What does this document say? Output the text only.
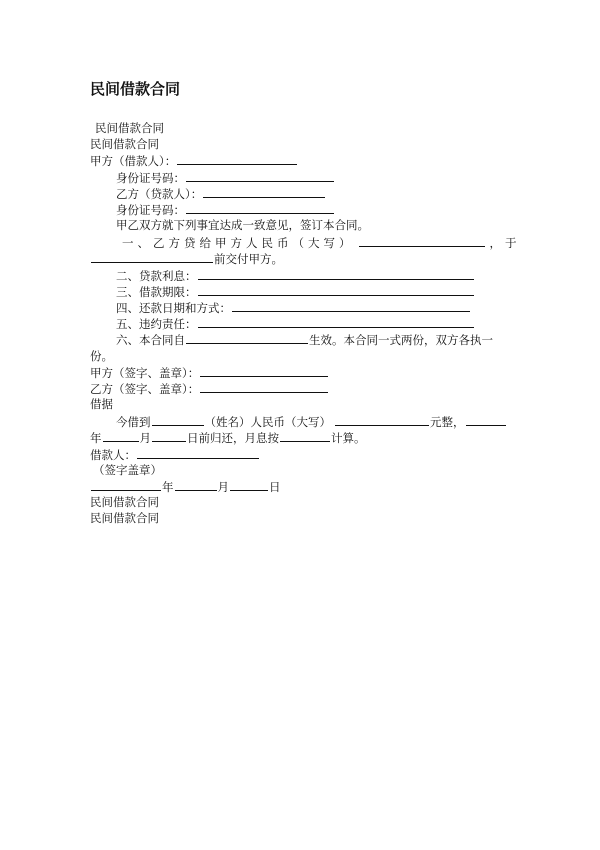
民间借款合同
民间借款合同
民间借款合同
甲方（借款人）：
身份证号码：
乙方（贷款人）：
身份证号码：
甲乙双方就下列事宜达成一致意见，签订本合同。
一、乙方贷给甲方人民币（大写）	，于
前交付甲方。
二、贷款利息：
三、借款期限：
四、还款日期和方式：
五、违约责任：
六、本合同自	生效。本合同一式两份，双方各执一
份。
甲方（签字、盖章）：
乙方（签字、盖章）：
借据
今借到	（姓名）人民币（大写）	元整，
年	月	日前归还，月息按	计算。
借款人：
（签字盖章）
年	月	日
民间借款合同
民间借款合同
